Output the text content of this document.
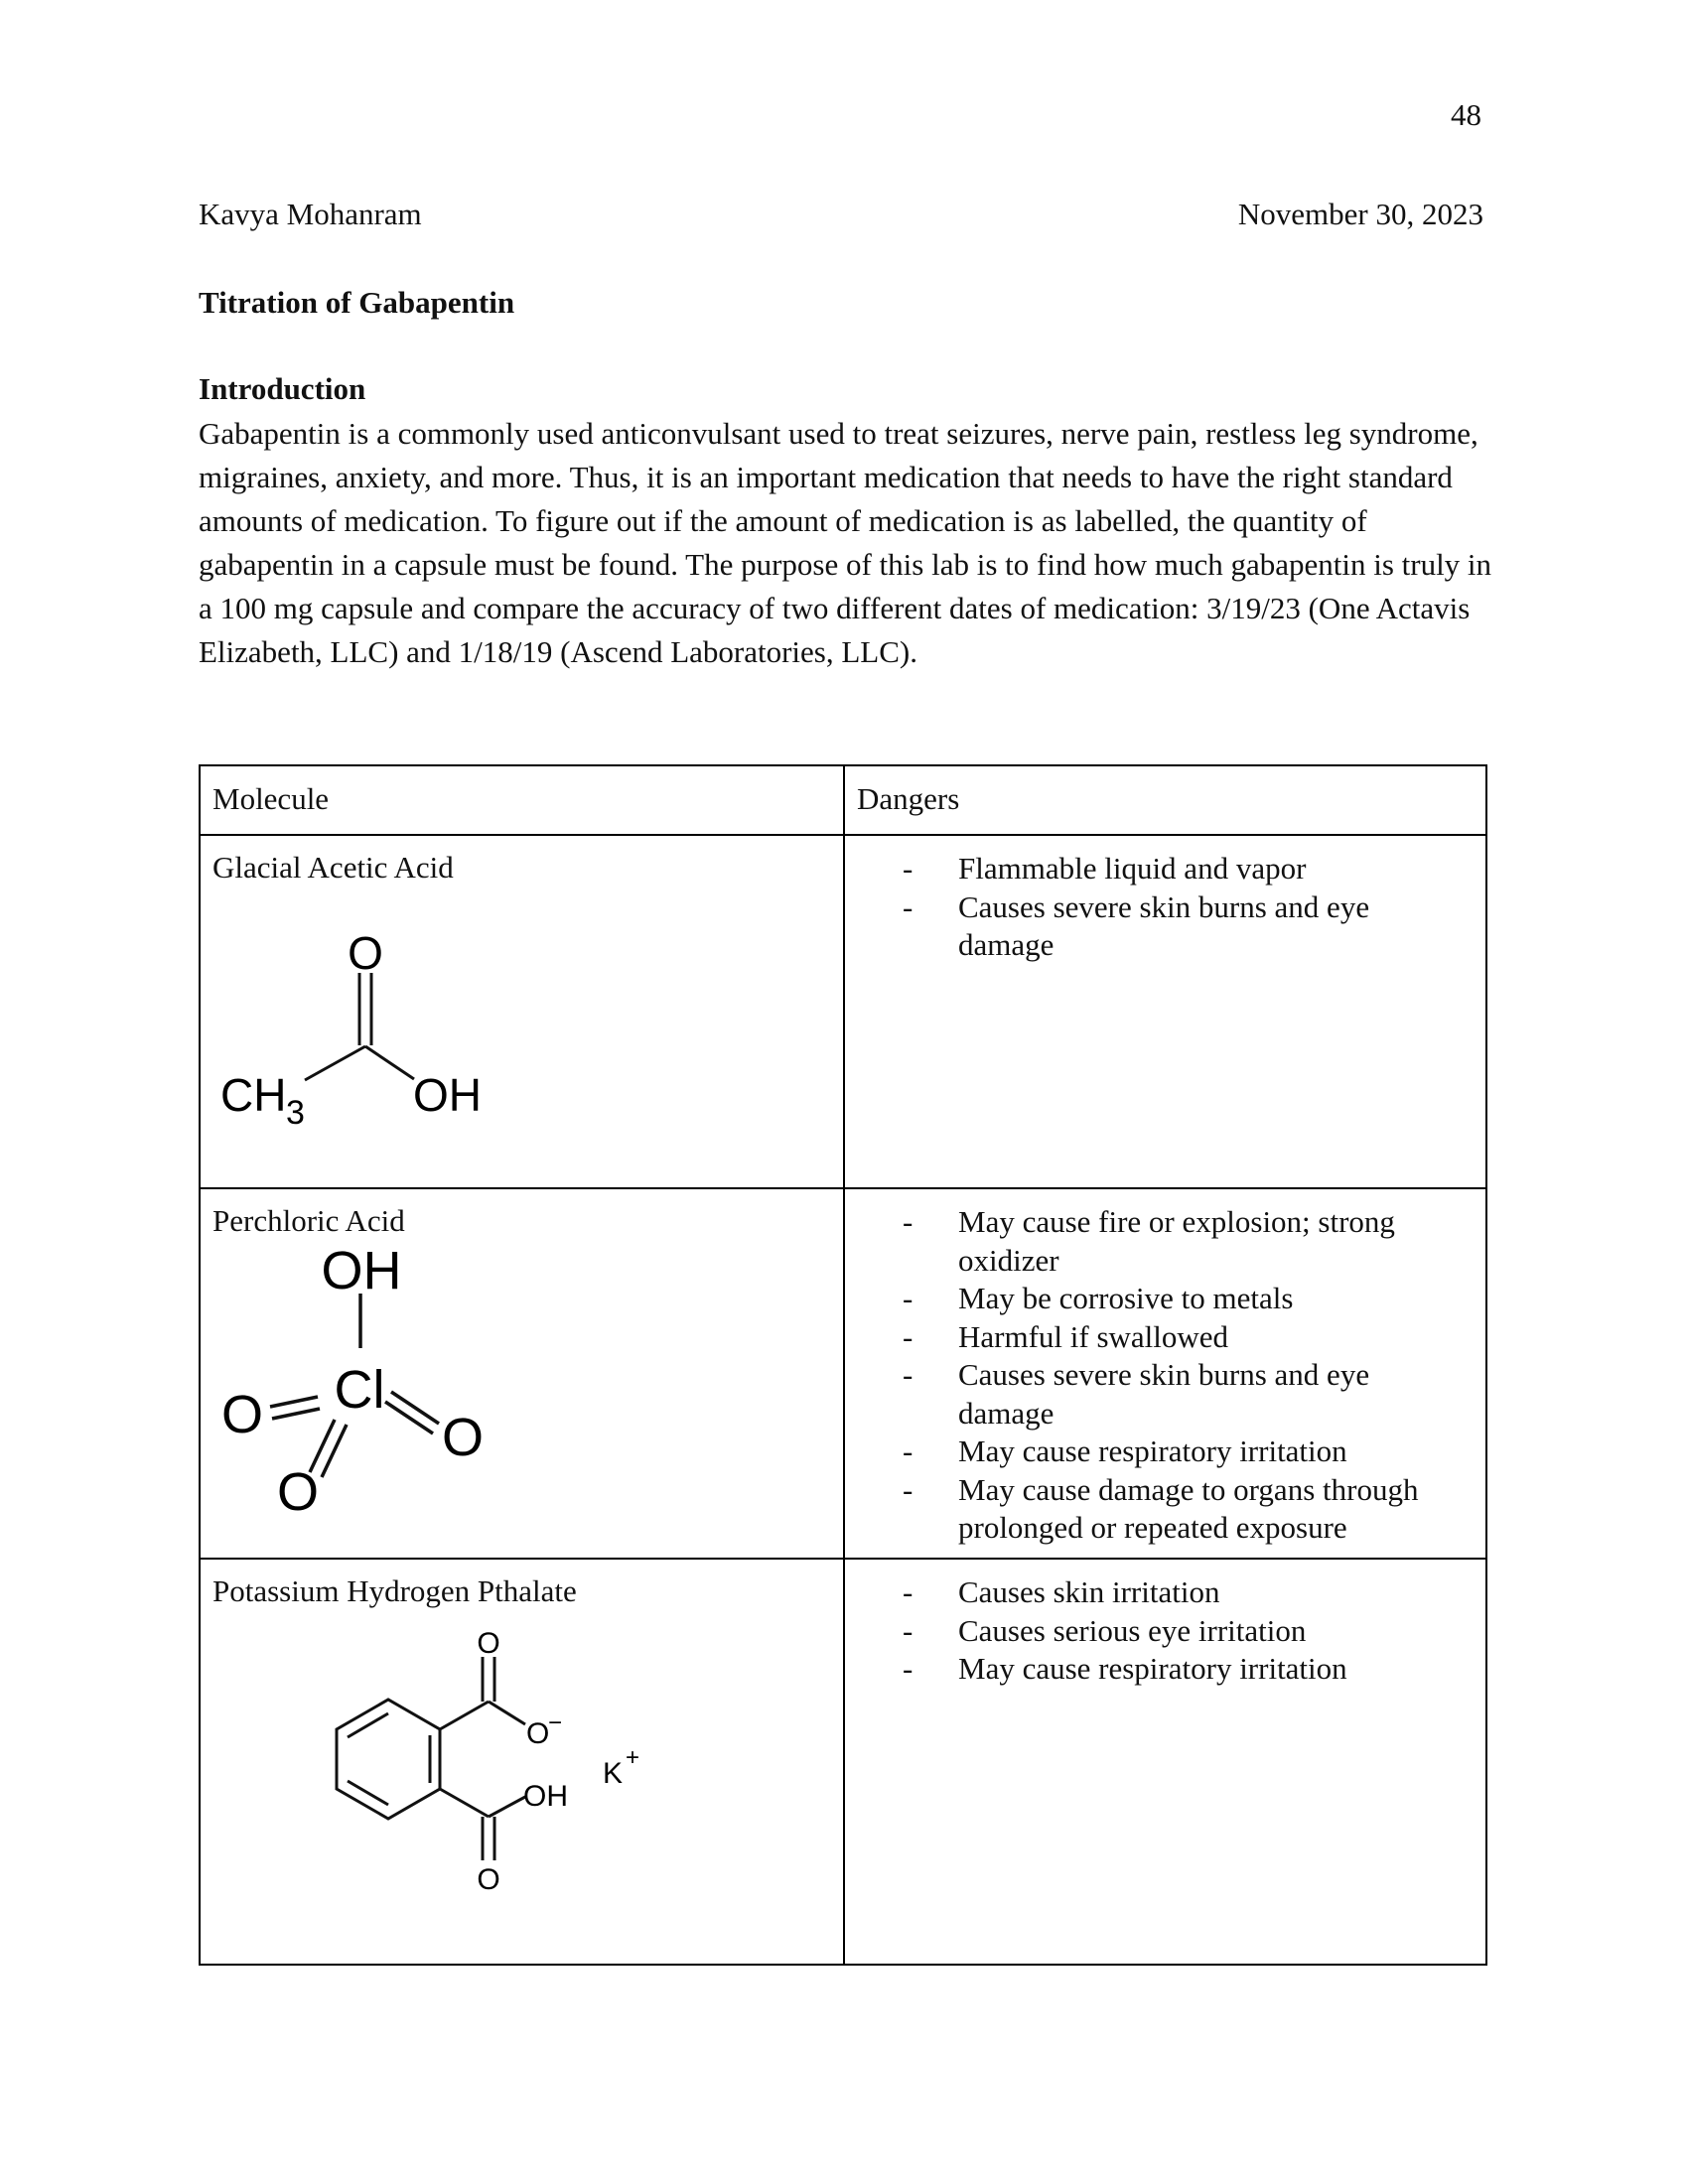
48
Kavya Mohanram	November 30, 2023
Titration of Gabapentin
Introduction
Gabapentin is a commonly used anticonvulsant used to treat seizures, nerve pain, restless leg syndrome, migraines, anxiety, and more. Thus, it is an important medication that needs to have the right standard amounts of medication. To figure out if the amount of medication is as labelled, the quantity of gabapentin in a capsule must be found. The purpose of this lab is to find how much gabapentin is truly in a 100 mg capsule and compare the accuracy of two different dates of medication: 3/19/23 (One Actavis Elizabeth, LLC) and 1/18/19 (Ascend Laboratories, LLC).
Molecule	Dangers
Glacial Acetic Acid
O
CH 3 OH
- Flammable liquid and vapor
- Causes severe skin burns and eye damage
Perchloric Acid
OH
Cl
O	O
O
- May cause fire or explosion; strong oxidizer
- May be corrosive to metals
- Harmful if swallowed
- Causes severe skin burns and eye damage
- May cause respiratory irritation
- May cause damage to organs through prolonged or repeated exposure
Potassium Hydrogen Pthalate
O
O
−
OH
O
K +
- Causes skin irritation
- Causes serious eye irritation
- May cause respiratory irritation
